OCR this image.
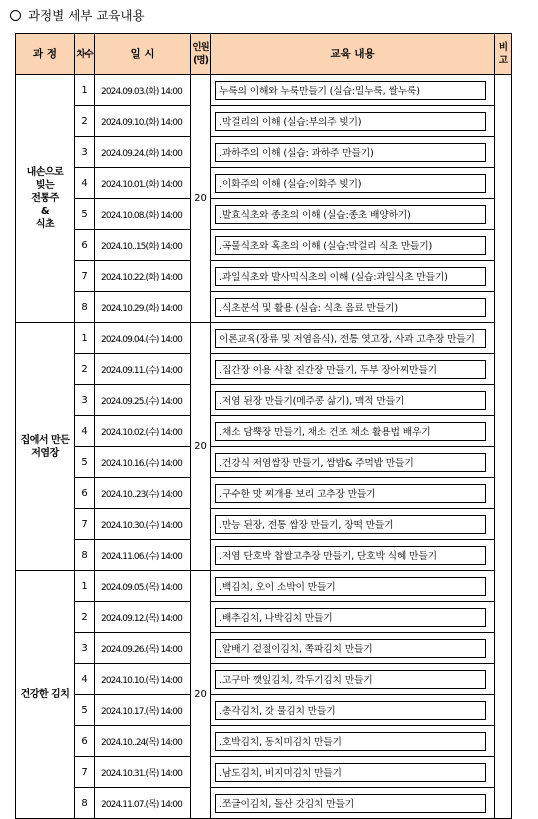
과정별 세부 교육내용
과 정	차수	일 시	인원
(명)	교육 내용	비고
내손으로
빚는
전통주
&
식초	1	2024.09.03.(화) 14:00	20	누룩의 이해와 누룩만들기 (실습:밀누룩, 쌀누룩)	

	2	2024.09.10.(화) 14:00		.막걸리의 이해 (실습:부의주 빚기)	

	3	2024.09.24.(화) 14:00		.과하주의 이해 (실습: 과하주 만들기)	

	4	2024.10.01.(화) 14:00		.이화주의 이해 (실습:이화주 빚기)	

	5	2024.10.08.(화) 14:00		.발효식초와 종초의 이해 (실습:종초 배양하기)	

	6	2024.10..15(화) 14:00		.곡물식초와 혹초의 이해 (실습:막걸리 식초 만들기)	

	7	2024.10.22.(화) 14:00		.과일식초와 발사믹식초의 이해 (실습:과일식초 만들기)	

	8	2024.10.29.(화) 14:00		.식초분석 및 활용 (실습: 식초 음료 만들기)	

집에서 만든
저염장	1	2024.09.04.(수) 14:00	20	이론교육(장류 및 저염음식), 전통 엿고장, 사과 고추장 만들기	

	2	2024.09.11.(수) 14:00		.집간장 이용 사찰 진간장 만들기, 두부 장아찌만들기	

	3	2024.09.25.(수) 14:00		.저염 된장 만들기(메주콩 삶기), 맥적 만들기	

	4	2024.10.02.(수) 14:00		.채소 담뿍장 만들기, 채소 건조 채소 활용법 배우기	

	5	2024.10.16.(수) 14:00		.건강식 저염쌈장 만들기, 쌈밥& 주먹밥 만들기	

	6	2024.10..23(수) 14:00		.구수한 맛 찌개용 보리 고추장 만들기	

	7	2024.10.30.(수) 14:00		.만능 된장, 전통 쌈장 만들기, 장떡 만들기	

	8	2024.11.06.(수) 14:00		.저염 단호박 찹쌀고추장 만들기, 단호박 식혜 만들기	

건강한 김치	1	2024.09.05.(목) 14:00	20	.백김치, 오이 소박이 만들기	

	2	2024.09.12.(목) 14:00		.배추김치, 나박김치 만들기	

	3	2024.09.26.(목) 14:00		.알배기 겉절이김치, 쪽파김치 만들기	

	4	2024.10.10.(목) 14:00		.고구마 깻잎김치, 깍두기김치 만들기	

	5	2024.10.17.(목) 14:00		.총각김치, 갓 물김치 만들기	

	6	2024.10..24(목) 14:00		.호박김치, 동치미김치 만들기	

	7	2024.10.31.(목) 14:00		.남도김치, 비지미김치 만들기	

	8	2024.11.07.(목) 14:00		.쪼글이김치, 돌산 갓김치 만들기	
